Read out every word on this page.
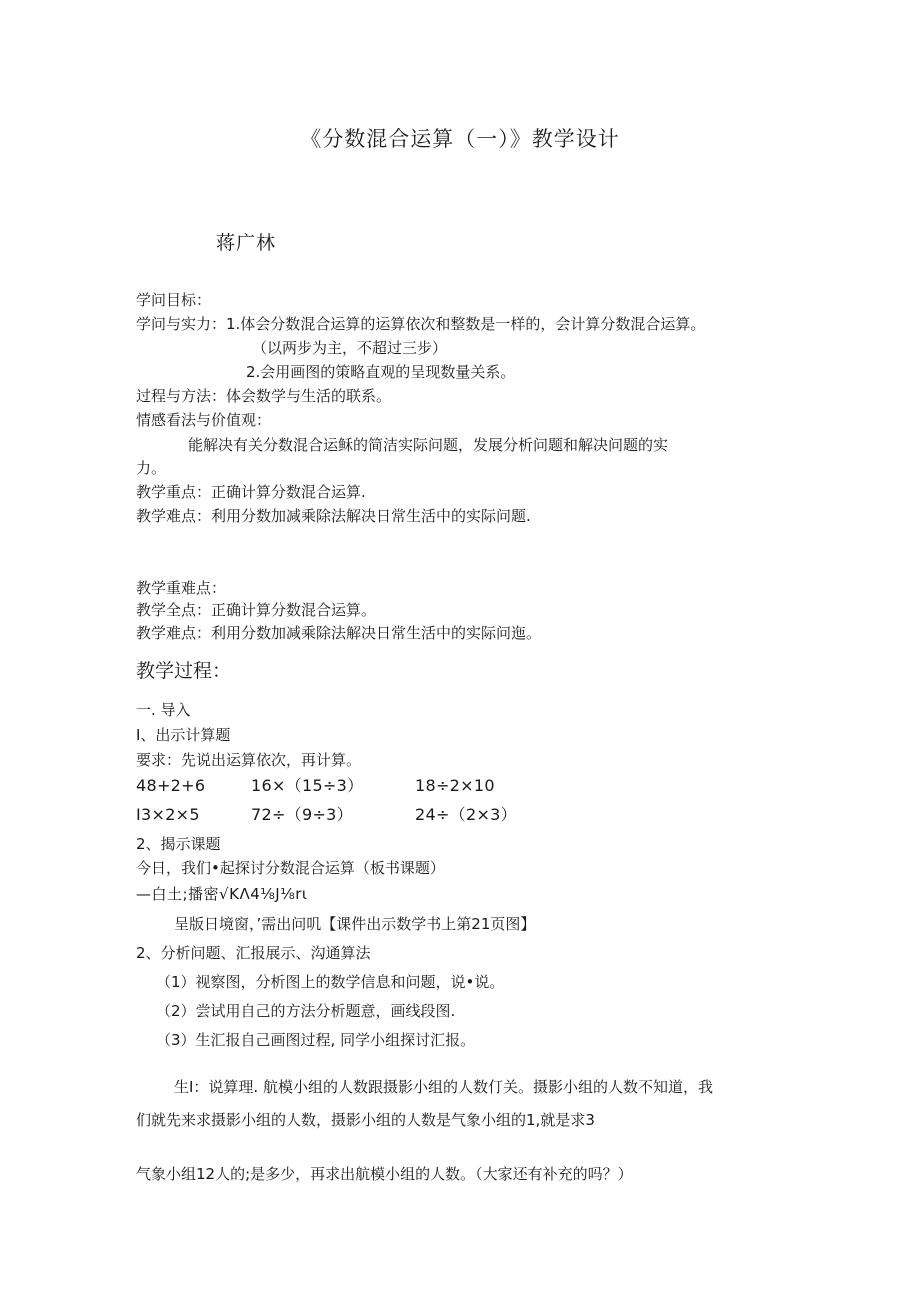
《分数混合运算（一）》教学设计
蒋广林
学问目标：
学问与实力：1.体会分数混合运算的运算依次和整数是一样的，会计算分数混合运算。
（以两步为主，不超过三步）
2.会用画图的策略直观的呈现数量关系。
过程与方法：体会数学与生活的联系。
情感看法与价值观：
能解决有关分数混合运稣的简洁实际问题，发展分析问题和解决问题的实
力。
教学重点：正确计算分数混合运算.
教学难点：利用分数加减乘除法解决日常生活中的实际问题.
教学重难点：
教学全点：正确计算分数混合运算。
教学难点：利用分数加减乘除法解决日常生活中的实际问迤。
教学过程：
一. 导入
I、出示计算题
要求：先说出运算依次，再计算。
48+2+6	16×（15÷3）	18÷2×10
I3×2×5	72÷（9÷3）	24÷（2×3）
2、揭示课题
今日，我们•起探讨分数混合运算（板书课题）
—白土;播密√KΛ4⅛J⅛rι
呈版日境窗，’需出问叽【课件出示数学书上第21页图】
2、分析问题、汇报展示、沟通算法
（1）视察图，分析图上的数学信息和问题，说•说。
（2）尝试用自己的方法分析题意，画线段图.
（3）生汇报自己画图过程, 同学小组探讨汇报。
生I：说算理. 航模小组的人数跟摄影小组的人数仃关。摄影小组的人数不知道，我
们就先来求摄影小组的人数，摄影小组的人数是气象小组的1,就是求3
气象小组12人的;是多少，再求出航模小组的人数。（大家还有补充的吗？）
